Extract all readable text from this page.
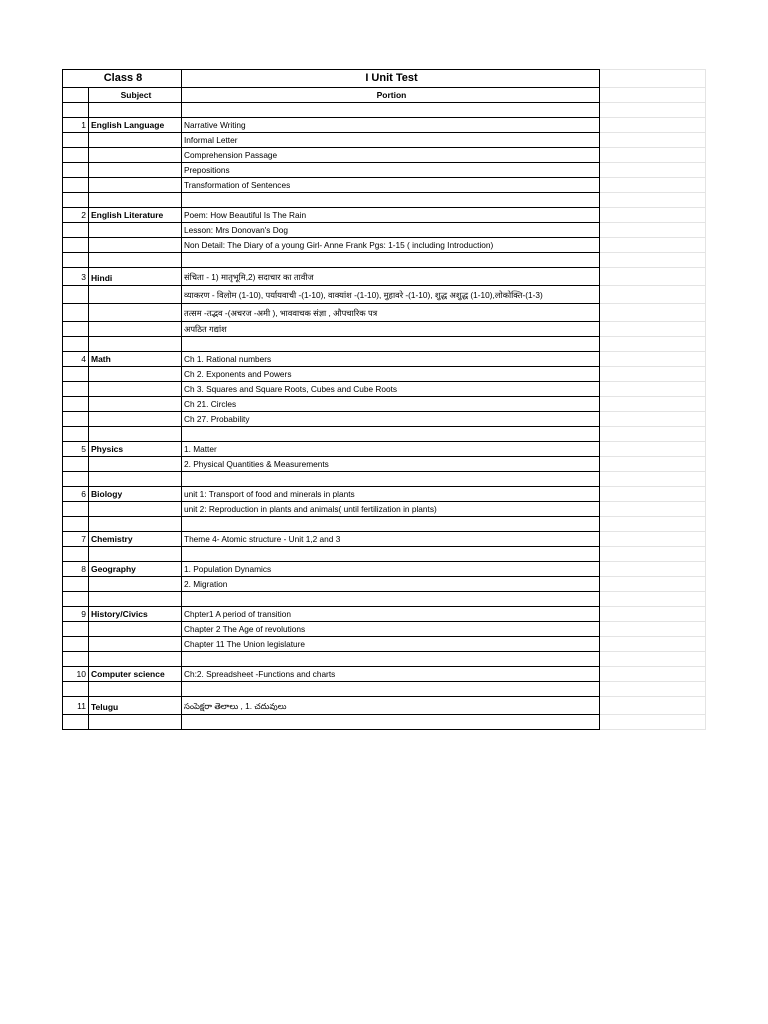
Class 8		I Unit Test	
	Subject	Portion	

1	English Language	Narrative Writing	
		Informal Letter	
		Comprehension Passage	
		Prepositions	
		Transformation of Sentences	

2	English Literature	Poem: How Beautiful Is The Rain	
		Lesson: Mrs Donovan's Dog	
		Non Detail: The Diary of a young Girl- Anne Frank Pgs: 1-15 ( including Introduction)	

3	Hindi	संचिता - 1) मातृभूमि,2) सदाचार का तावीज	
		व्याकरण - विलोम (1-10), पर्यायवाची -(1-10), वाक्यांश -(1-10), मुहावरे -(1-10), शुद्ध अशुद्ध (1-10),लोकोक्ति-(1-3)	
		तत्सम -तद्भव -(अचरज -अमी ), भाववाचक संज्ञा , औपचारिक पत्र	
		अपठित गद्यांश	

4	Math	Ch 1. Rational numbers	
		Ch 2. Exponents and Powers	
		Ch 3. Squares and Square Roots, Cubes and Cube Roots	
		Ch 21. Circles	
		Ch 27. Probability	

5	Physics	1. Matter	
		2. Physical Quantities & Measurements	

6	Biology	unit 1: Transport of food and minerals in plants	
		unit 2: Reproduction in plants and animals( until fertilization in plants)	

7	Chemistry	Theme 4- Atomic structure - Unit 1,2 and 3	

8	Geography	1. Population Dynamics	
		2. Migration	

9	History/Civics	Chpter1 A period of transition	
		Chapter 2 The Age of revolutions	
		Chapter 11 The Union legislature	

10	Computer science	Ch:2. Spreadsheet -Functions and charts	

11	Telugu	సంపెక్షరా తెలాలు , 1. చదువులు	
